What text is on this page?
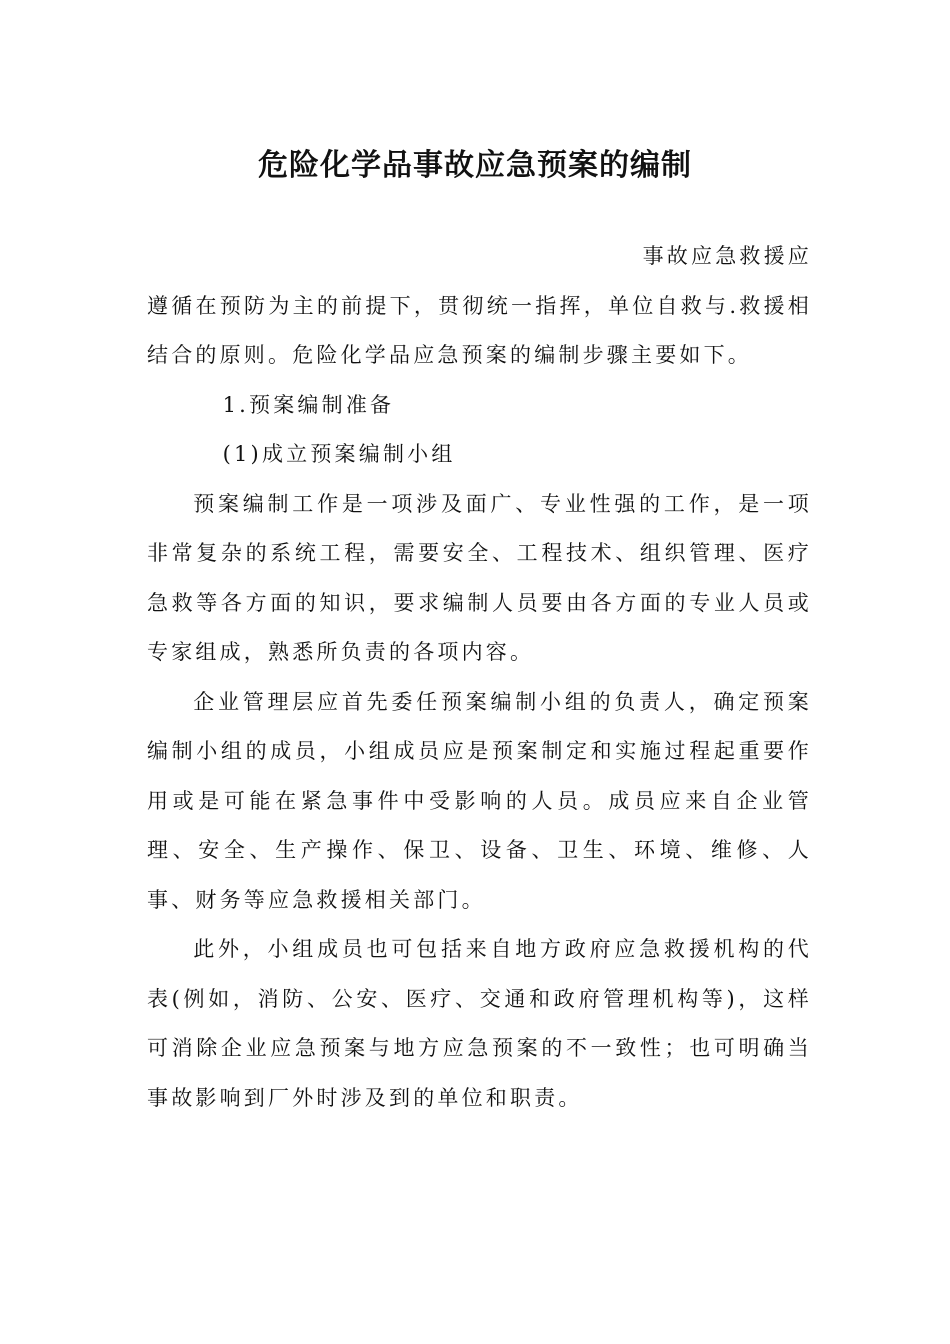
危险化学品事故应急预案的编制

事故应急救援应
遵循在预防为主的前提下，贯彻统一指挥，单位自救与.救援相结合的原则。危险化学品应急预案的编制步骤主要如下。

1.预案编制准备

(1)成立预案编制小组

预案编制工作是一项涉及面广、专业性强的工作，是一项非常复杂的系统工程，需要安全、工程技术、组织管理、医疗急救等各方面的知识，要求编制人员要由各方面的专业人员或专家组成，熟悉所负责的各项内容。

企业管理层应首先委任预案编制小组的负责人，确定预案编制小组的成员，小组成员应是预案制定和实施过程起重要作用或是可能在紧急事件中受影响的人员。成员应来自企业管理、安全、生产操作、保卫、设备、卫生、环境、维修、人事、财务等应急救援相关部门。

此外，小组成员也可包括来自地方政府应急救援机构的代表(例如，消防、公安、医疗、交通和政府管理机构等)，这样可消除企业应急预案与地方应急预案的不一致性；也可明确当事故影响到厂外时涉及到的单位和职责。
